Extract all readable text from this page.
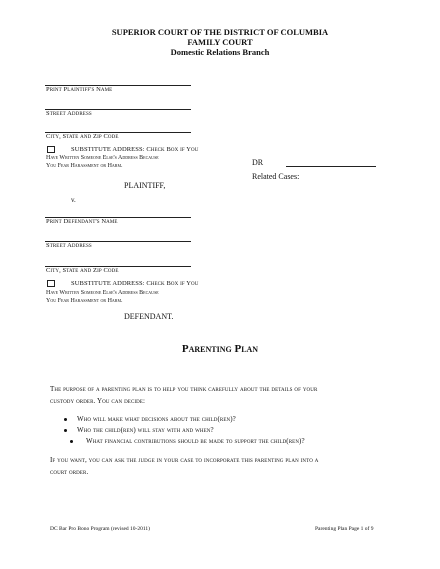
SUPERIOR COURT OF THE DISTRICT OF COLUMBIA
FAMILY COURT
Domestic Relations Branch
Print Plaintiff's Name
Street Address
City, State and Zip Code
SUBSTITUTE ADDRESS: Check Box if You
Have Written Someone Else's Address Because
You Fear Harassment or Harm.
PLAINTIFF,
v.
DR
Related Cases:
Print Defendant's Name
Street Address
City, State and Zip Code
SUBSTITUTE ADDRESS: Check Box if You
Have Written Someone Else's Address Because
You Fear Harassment or Harm.
DEFENDANT.
Parenting Plan
The purpose of a parenting plan is to help you think carefully about the details of your
custody order. You can decide:
Who will make what decisions about the child(ren)?
Who the child(ren) will stay with and when?
What financial contributions should be made to support the child(ren)?
If you want, you can ask the judge in your case to incorporate this parenting plan into a
court order.
DC Bar Pro Bono Program (revised 10-2011)	Parenting Plan Page 1 of 9
